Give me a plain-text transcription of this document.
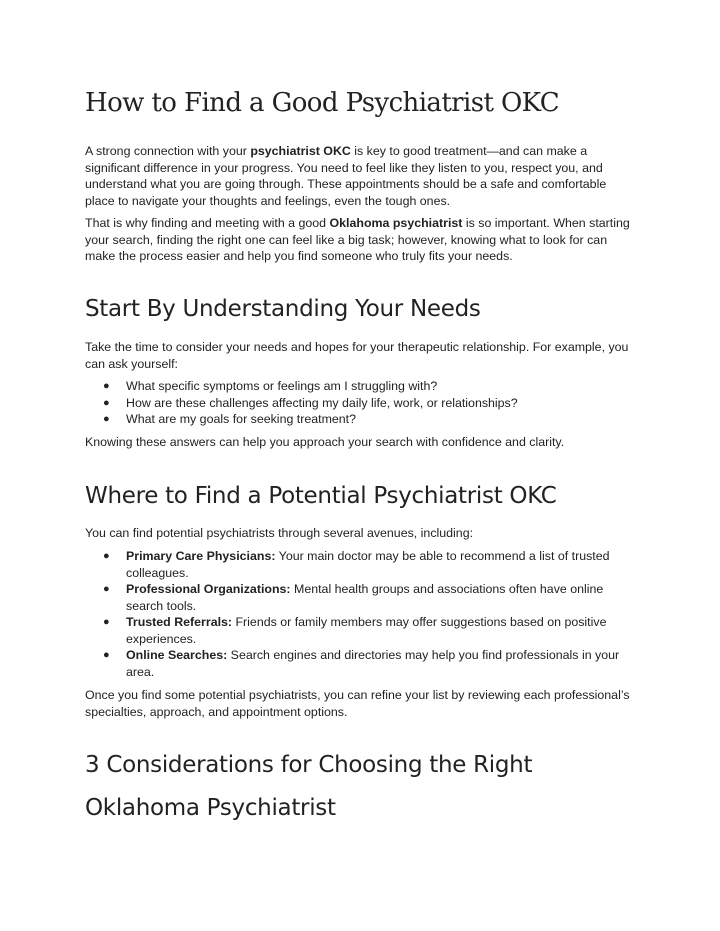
How to Find a Good Psychiatrist OKC

A strong connection with your psychiatrist OKC is key to good treatment—and can make a significant difference in your progress. You need to feel like they listen to you, respect you, and understand what you are going through. These appointments should be a safe and comfortable place to navigate your thoughts and feelings, even the tough ones.

That is why finding and meeting with a good Oklahoma psychiatrist is so important. When starting your search, finding the right one can feel like a big task; however, knowing what to look for can make the process easier and help you find someone who truly fits your needs.

Start By Understanding Your Needs

Take the time to consider your needs and hopes for your therapeutic relationship. For example, you can ask yourself:

● What specific symptoms or feelings am I struggling with?
● How are these challenges affecting my daily life, work, or relationships?
● What are my goals for seeking treatment?

Knowing these answers can help you approach your search with confidence and clarity.

Where to Find a Potential Psychiatrist OKC

You can find potential psychiatrists through several avenues, including:

● Primary Care Physicians: Your main doctor may be able to recommend a list of trusted colleagues.
● Professional Organizations: Mental health groups and associations often have online search tools.
● Trusted Referrals: Friends or family members may offer suggestions based on positive experiences.
● Online Searches: Search engines and directories may help you find professionals in your area.

Once you find some potential psychiatrists, you can refine your list by reviewing each professional’s specialties, approach, and appointment options.

3 Considerations for Choosing the Right
Oklahoma Psychiatrist
